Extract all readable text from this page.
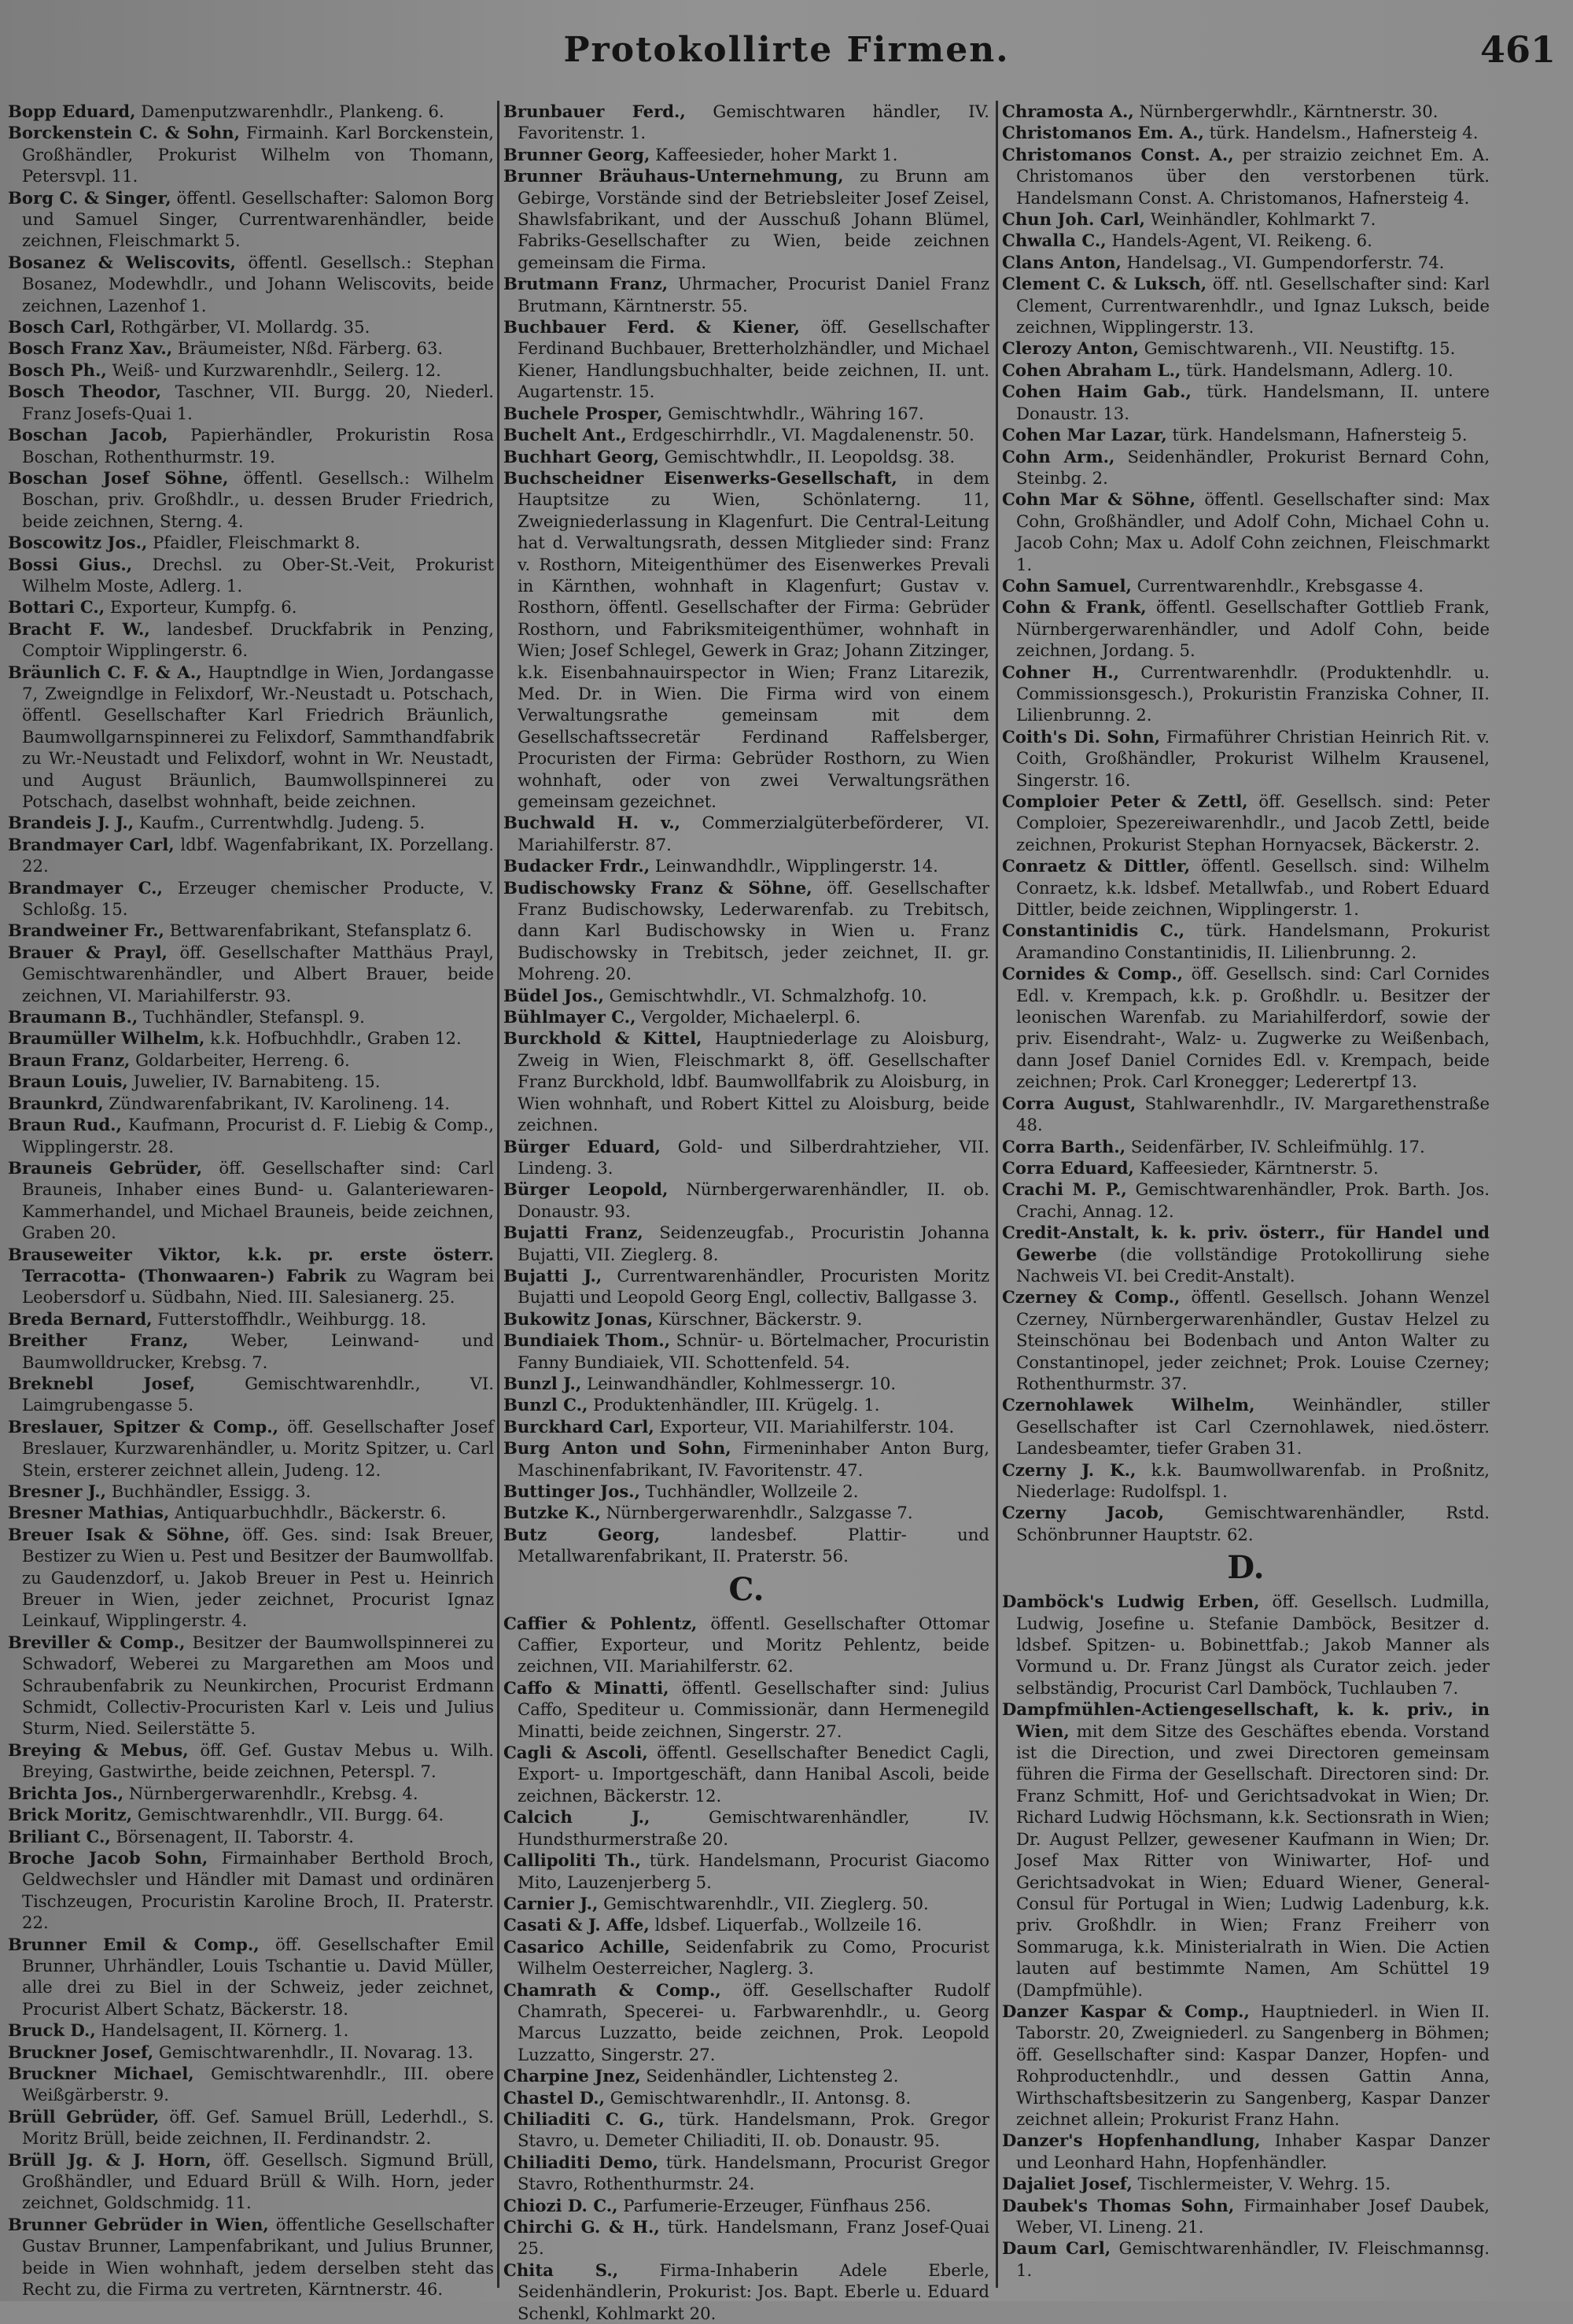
Protokollirte Firmen.	461

Bopp Eduard, Damenputzwarenhdlr., Plankeng. 6.

Borckenstein C. & Sohn, Firmainh. Karl Borckenstein, Großhändler, Prokurist Wilhelm von Thomann, Petersvpl. 11.

Borg C. & Singer, öffentl. Gesellschafter: Salomon Borg und Samuel Singer, Currentwarenhändler, beide zeichnen, Fleischmarkt 5.

Bosanez & Weliscovits, öffentl. Gesellsch.: Stephan Bosanez, Modewhdlr., und Johann Weliscovits, beide zeichnen, Lazenhof 1.

Bosch Carl, Rothgärber, VI. Mollardg. 35.

Bosch Franz Xav., Bräumeister, Nßd. Färberg. 63.

Bosch Ph., Weiß- und Kurzwarenhdlr., Seilerg. 12.

Bosch Theodor, Taschner, VII. Burgg. 20, Niederl. Franz Josefs-Quai 1.

Boschan Jacob, Papierhändler, Prokuristin Rosa Boschan, Rothenthurmstr. 19.

Boschan Josef Söhne, öffentl. Gesellsch.: Wilhelm Boschan, priv. Großhdlr., u. dessen Bruder Friedrich, beide zeichnen, Sterng. 4.

Boscowitz Jos., Pfaidler, Fleischmarkt 8.

Bossi Gius., Drechsl. zu Ober-St.-Veit, Prokurist Wilhelm Moste, Adlerg. 1.

Bottari C., Exporteur, Kumpfg. 6.

Bracht F. W., landesbef. Druckfabrik in Penzing, Comptoir Wipplingerstr. 6.

Bräunlich C. F. & A., Hauptndlge in Wien, Jordangasse 7, Zweigndlge in Felixdorf, Wr.-Neustadt u. Potschach, öffentl. Gesellschafter Karl Friedrich Bräunlich, Baumwollgarnspinnerei zu Felixdorf, Sammthandfabrik zu Wr.-Neustadt und Felixdorf, wohnt in Wr. Neustadt, und August Bräunlich, Baumwollspinnerei zu Potschach, daselbst wohnhaft, beide zeichnen.

Brandeis J. J., Kaufm., Currentwhdlg. Judeng. 5.

Brandmayer Carl, ldbf. Wagenfabrikant, IX. Porzellang. 22.

Brandmayer C., Erzeuger chemischer Producte, V. Schloßg. 15.

Brandweiner Fr., Bettwarenfabrikant, Stefansplatz 6.

Brauer & Prayl, öff. Gesellschafter Matthäus Prayl, Gemischtwarenhändler, und Albert Brauer, beide zeichnen, VI. Mariahilferstr. 93.

Braumann B., Tuchhändler, Stefanspl. 9.

Braumüller Wilhelm, k.k. Hofbuchhdlr., Graben 12.

Braun Franz, Goldarbeiter, Herreng. 6.

Braun Louis, Juwelier, IV. Barnabiteng. 15.

Braunkrd, Zündwarenfabrikant, IV. Karolineng. 14.

Braun Rud., Kaufmann, Procurist d. F. Liebig & Comp., Wipplingerstr. 28.

Brauneis Gebrüder, öff. Gesellschafter sind: Carl Brauneis, Inhaber eines Bund- u. Galanteriewaren-Kammerhandel, und Michael Brauneis, beide zeichnen, Graben 20.

Brauseweiter Viktor, k.k. pr. erste österr. Terracotta- (Thonwaaren-) Fabrik zu Wagram bei Leobersdorf u. Südbahn, Nied. III. Salesianerg. 25.

Breda Bernard, Futterstoffhdlr., Weihburgg. 18.

Breither Franz,	Weber, Leinwand- und Baumwolldrucker, Krebsg. 7.

Breknebl Josef,	Gemischtwarenhdlr., VI. Laimgrubengasse 5.

Breslauer, Spitzer & Comp., öff. Gesellschafter Josef Breslauer, Kurzwarenhändler, u. Moritz Spitzer, u. Carl Stein, ersterer zeichnet allein, Judeng. 12.

Bresner J., Buchhändler, Essigg. 3.

Bresner Mathias, Antiquarbuchhdlr., Bäckerstr. 6.

Breuer Isak & Söhne, öff. Ges. sind: Isak Breuer, Bestizer zu Wien u. Pest und Besitzer der Baumwollfab. zu Gaudenzdorf, u. Jakob Breuer in Pest u. Heinrich Breuer in Wien, jeder zeichnet, Procurist Ignaz Leinkauf, Wipplingerstr. 4.

Breviller & Comp., Besitzer der Baumwollspinnerei zu Schwadorf, Weberei zu Margarethen am Moos und Schraubenfabrik zu Neunkirchen, Procurist Erdmann Schmidt, Collectiv-Procuristen Karl v. Leis und Julius Sturm, Nied. Seilerstätte 5.

Breying & Mebus, öff. Gef. Gustav Mebus u. Wilh. Breying, Gastwirthe, beide zeichnen, Peterspl. 7.

Brichta Jos., Nürnbergerwarenhdlr., Krebsg. 4.

Brick Moritz, Gemischtwarenhdlr., VII. Burgg. 64.

Briliant C., Börsenagent, II. Taborstr. 4.

Broche Jacob Sohn, Firmainhaber Berthold Broch, Geldwechsler und Händler mit Damast und ordinären Tischzeugen, Procuristin Karoline Broch, II. Praterstr. 22.

Brunner Emil & Comp., öff. Gesellschafter Emil Brunner, Uhrhändler, Louis Tschantie u. David Müller, alle drei zu Biel in der Schweiz, jeder zeichnet, Procurist Albert Schatz, Bäckerstr. 18.

Bruck D., Handelsagent, II. Körnerg. 1.

Bruckner Josef, Gemischtwarenhdlr., II. Novarag. 13.

Bruckner Michael, Gemischtwarenhdlr., III. obere Weißgärberstr. 9.

Brüll Gebrüder, öff. Gef. Samuel Brüll, Lederhdl., S. Moritz Brüll, beide zeichnen, II. Ferdinandstr. 2.

Brüll Jg. & J. Horn, öff. Gesellsch. Sigmund Brüll, Großhändler, und Eduard Brüll & Wilh. Horn, jeder zeichnet, Goldschmidg. 11.

Brunner Gebrüder in Wien, öffentliche Gesellschafter Gustav Brunner, Lampenfabrikant, und Julius Brunner, beide in Wien wohnhaft, jedem derselben steht das Recht zu, die Firma zu vertreten, Kärntnerstr. 46.

Brunbauer Ferd., Gemischtwaren händler, IV. Favoritenstr. 1.

Brunner Georg, Kaffeesieder, hoher Markt 1.

Brunner Bräuhaus-Unternehmung, zu Brunn am Gebirge, Vorstände sind der Betriebsleiter Josef Zeisel, Shawlsfabrikant, und der Ausschuß Johann Blümel, Fabriks-Gesellschafter zu Wien, beide zeichnen gemeinsam die Firma.

Brutmann Franz, Uhrmacher, Procurist Daniel Franz Brutmann, Kärntnerstr. 55.

Buchbauer Ferd. & Kiener, öff. Gesellschafter Ferdinand Buchbauer, Bretterholzhändler, und Michael Kiener, Handlungsbuchhalter, beide zeichnen, II. unt. Augartenstr. 15.

Buchele Prosper, Gemischtwhdlr., Währing 167.

Buchelt Ant., Erdgeschirrhdlr., VI. Magdalenenstr. 50.

Buchhart Georg, Gemischtwhdlr., II. Leopoldsg. 38.

Buchscheidner Eisenwerks-Gesellschaft, in dem Hauptsitze zu Wien, Schönlaterng. 11, Zweigniederlassung in Klagenfurt. Die Central-Leitung hat d. Verwaltungsrath, dessen Mitglieder sind: Franz v. Rosthorn, Miteigenthümer des Eisenwerkes Prevali in Kärnthen, wohnhaft in Klagenfurt; Gustav v. Rosthorn, öffentl. Gesellschafter der Firma: Gebrüder Rosthorn, und Fabriksmiteigenthümer, wohnhaft in Wien; Josef Schlegel, Gewerk in Graz; Johann Zitzinger, k.k. Eisenbahnauirspector in Wien; Franz Litarezik, Med. Dr. in Wien. Die Firma wird von einem Verwaltungsrathe gemeinsam mit dem Gesellschaftssecretär Ferdinand Raffelsberger, Procuristen der Firma: Gebrüder Rosthorn, zu Wien wohnhaft, oder von zwei Verwaltungsräthen gemeinsam gezeichnet.

Buchwald H. v., Commerzialgüterbeförderer, VI. Mariahilferstr. 87.

Budacker Frdr., Leinwandhdlr., Wipplingerstr. 14.

Budischowsky Franz & Söhne, öff. Gesellschafter Franz Budischowsky, Lederwarenfab. zu Trebitsch, dann Karl Budischowsky in Wien u. Franz Budischowsky in Trebitsch, jeder zeichnet, II. gr. Mohreng. 20.

Büdel Jos., Gemischtwhdlr., VI. Schmalzhofg. 10.

Bühlmayer C., Vergolder, Michaelerpl. 6.

Burckhold & Kittel, Hauptniederlage zu Aloisburg, Zweig in Wien, Fleischmarkt 8, öff. Gesellschafter Franz Burckhold, ldbf. Baumwollfabrik zu Aloisburg, in Wien wohnhaft, und Robert Kittel zu Aloisburg, beide zeichnen.

Bürger Eduard, Gold- und Silberdrahtzieher, VII. Lindeng. 3.

Bürger Leopold, Nürnbergerwarenhändler, II. ob. Donaustr. 93.

Bujatti Franz, Seidenzeugfab., Procuristin Johanna Bujatti, VII. Zieglerg. 8.

Bujatti J., Currentwarenhändler, Procuristen Moritz Bujatti und Leopold Georg Engl, collectiv, Ballgasse 3.

Bukowitz Jonas, Kürschner, Bäckerstr. 9.

Bundiaiek Thom., Schnür- u. Börtelmacher, Procuristin Fanny Bundiaiek, VII. Schottenfeld. 54.

Bunzl J., Leinwandhändler, Kohlmessergr. 10.

Bunzl C., Produktenhändler, III. Krügelg. 1.

Burckhard Carl, Exporteur, VII. Mariahilferstr. 104.

Burg Anton und Sohn, Firmeninhaber Anton Burg, Maschinenfabrikant, IV. Favoritenstr. 47.

Buttinger Jos., Tuchhändler, Wollzeile 2.

Butzke K., Nürnbergerwarenhdlr., Salzgasse 7.

Butz Georg,	landesbef. Plattir- und Metallwarenfabrikant, II. Praterstr. 56.

C.

Caffier & Pohlentz, öffentl. Gesellschafter Ottomar Caffier, Exporteur, und Moritz Pehlentz, beide zeichnen, VII. Mariahilferstr. 62.

Caffo & Minatti, öffentl. Gesellschafter sind: Julius Caffo, Spediteur u. Commissionär, dann Hermenegild Minatti, beide zeichnen, Singerstr. 27.

Cagli & Ascoli, öffentl. Gesellschafter Benedict Cagli, Export- u. Importgeschäft, dann Hanibal Ascoli, beide zeichnen, Bäckerstr. 12.

Calcich J.,	Gemischtwarenhändler, IV. Hundsthurmerstraße 20.

Callipoliti Th., türk. Handelsmann, Procurist Giacomo Mito, Lauzenjerberg 5.

Carnier J., Gemischtwarenhdlr., VII. Zieglerg. 50.

Casati & J. Affe, ldsbef. Liquerfab., Wollzeile 16.

Casarico Achille, Seidenfabrik zu Como, Procurist Wilhelm Oesterreicher, Naglerg. 3.

Chamrath & Comp., öff. Gesellschafter Rudolf Chamrath, Specerei- u. Farbwarenhdlr., u. Georg Marcus Luzzatto, beide zeichnen, Prok. Leopold Luzzatto, Singerstr. 27.

Charpine Jnez, Seidenhändler, Lichtensteg 2.

Chastel D., Gemischtwarenhdlr., II. Antonsg. 8.

Chiliaditi C. G., türk. Handelsmann, Prok. Gregor Stavro, u. Demeter Chiliaditi, II. ob. Donaustr. 95.

Chiliaditi Demo, türk. Handelsmann, Procurist Gregor Stavro, Rothenthurmstr. 24.

Chiozi D. C., Parfumerie-Erzeuger, Fünfhaus 256.

Chirchi G. & H., türk. Handelsmann, Franz Josef-Quai 25.

Chita S., Firma-Inhaberin Adele Eberle, Seidenhändlerin, Prokurist: Jos. Bapt. Eberle u. Eduard Schenkl, Kohlmarkt 20.

Chramosta A., Nürnbergerwhdlr., Kärntnerstr. 30.

Christomanos Em. A., türk. Handelsm., Hafnersteig 4.

Christomanos Const. A., per straizio zeichnet Em. A. Christomanos über den verstorbenen türk. Handelsmann Const. A. Christomanos, Hafnersteig 4.

Chun Joh. Carl, Weinhändler, Kohlmarkt 7.

Chwalla C., Handels-Agent, VI. Reikeng. 6.

Clans Anton, Handelsag., VI. Gumpendorferstr. 74.

Clement C. & Luksch, öff. ntl. Gesellschafter sind: Karl Clement, Currentwarenhdlr., und Ignaz Luksch, beide zeichnen, Wipplingerstr. 13.

Clerozy Anton, Gemischtwarenh., VII. Neustiftg. 15.

Cohen Abraham L., türk. Handelsmann, Adlerg. 10.

Cohen Haim Gab., türk. Handelsmann, II. untere Donaustr. 13.

Cohen Mar Lazar, türk. Handelsmann, Hafnersteig 5.

Cohn Arm., Seidenhändler, Prokurist Bernard Cohn, Steinbg. 2.

Cohn Mar & Söhne, öffentl. Gesellschafter sind: Max Cohn, Großhändler, und Adolf Cohn, Michael Cohn u. Jacob Cohn; Max u. Adolf Cohn zeichnen, Fleischmarkt 1.

Cohn Samuel, Currentwarenhdlr., Krebsgasse 4.

Cohn & Frank, öffentl. Gesellschafter Gottlieb Frank, Nürnbergerwarenhändler, und Adolf Cohn, beide zeichnen, Jordang. 5.

Cohner H., Currentwarenhdlr. (Produktenhdlr. u. Commissionsgesch.), Prokuristin Franziska Cohner, II. Lilienbrunng. 2.

Coith's Di. Sohn, Firmaführer Christian Heinrich Rit. v. Coith, Großhändler, Prokurist Wilhelm Krausenel, Singerstr. 16.

Comploier Peter & Zettl, öff. Gesellsch. sind: Peter Comploier, Spezereiwarenhdlr., und Jacob Zettl, beide zeichnen, Prokurist Stephan Hornyacsek, Bäckerstr. 2.

Conraetz & Dittler, öffentl. Gesellsch. sind: Wilhelm Conraetz, k.k. ldsbef. Metallwfab., und Robert Eduard Dittler, beide zeichnen, Wipplingerstr. 1.

Constantinidis C., türk. Handelsmann, Prokurist Aramandino Constantinidis, II. Lilienbrunng. 2.

Cornides & Comp., öff. Gesellsch. sind: Carl Cornides Edl. v. Krempach, k.k. p. Großhdlr. u. Besitzer der leonischen Warenfab. zu Mariahilferdorf, sowie der priv. Eisendraht-, Walz- u. Zugwerke zu Weißenbach, dann Josef Daniel Cornides Edl. v. Krempach, beide zeichnen; Prok. Carl Kronegger; Lederertpf 13.

Corra August, Stahlwarenhdlr., IV. Margarethenstraße 48.

Corra Barth., Seidenfärber, IV. Schleifmühlg. 17.

Corra Eduard, Kaffeesieder, Kärntnerstr. 5.

Crachi M. P., Gemischtwarenhändler, Prok. Barth. Jos. Crachi, Annag. 12.

Credit-Anstalt, k. k. priv. österr., für Handel und Gewerbe (die vollständige Protokollirung siehe Nachweis VI. bei Credit-Anstalt).

Czerney & Comp., öffentl. Gesellsch. Johann Wenzel Czerney, Nürnbergerwarenhändler, Gustav Helzel zu Steinschönau bei Bodenbach und Anton Walter zu Constantinopel, jeder zeichnet; Prok. Louise Czerney; Rothenthurmstr. 37.

Czernohlawek Wilhelm, Weinhändler, stiller Gesellschafter ist Carl Czernohlawek, nied.österr. Landesbeamter, tiefer Graben 31.

Czerny J. K., k.k. Baumwollwarenfab. in Proßnitz, Niederlage: Rudolfspl. 1.

Czerny Jacob, Gemischtwarenhändler, Rstd. Schönbrunner Hauptstr. 62.

D.

Damböck's Ludwig Erben, öff. Gesellsch. Ludmilla, Ludwig, Josefine u. Stefanie Damböck, Besitzer d. ldsbef. Spitzen- u. Bobinettfab.; Jakob Manner als Vormund u. Dr. Franz Jüngst als Curator zeich. jeder selbständig, Procurist Carl Damböck, Tuchlauben 7.

Dampfmühlen-Actiengesellschaft, k. k. priv., in Wien, mit dem Sitze des Geschäftes ebenda. Vorstand ist die Direction, und zwei Directoren gemeinsam führen die Firma der Gesellschaft. Directoren sind: Dr. Franz Schmitt, Hof- und Gerichtsadvokat in Wien; Dr. Richard Ludwig Höchsmann, k.k. Sectionsrath in Wien; Dr. August Pellzer, gewesener Kaufmann in Wien; Dr. Josef Max Ritter von Winiwarter, Hof- und Gerichtsadvokat in Wien; Eduard Wiener, General-Consul für Portugal in Wien; Ludwig Ladenburg, k.k. priv. Großhdlr. in Wien; Franz Freiherr von Sommaruga, k.k. Ministerialrath in Wien. Die Actien lauten auf bestimmte Namen, Am Schüttel 19 (Dampfmühle).

Danzer Kaspar & Comp., Hauptniederl. in Wien II. Taborstr. 20, Zweigniederl. zu Sangenberg in Böhmen; öff. Gesellschafter sind: Kaspar Danzer, Hopfen- und Rohproductenhdlr., und dessen Gattin Anna, Wirthschaftsbesitzerin zu Sangenberg, Kaspar Danzer zeichnet allein; Prokurist Franz Hahn.

Danzer's Hopfenhandlung, Inhaber Kaspar Danzer und Leonhard Hahn, Hopfenhändler.

Dajaliet Josef, Tischlermeister, V. Wehrg. 15.

Daubek's Thomas Sohn, Firmainhaber Josef Daubek, Weber, VI. Lineng. 21.

Daum Carl, Gemischtwarenhändler, IV. Fleischmannsg. 1.
